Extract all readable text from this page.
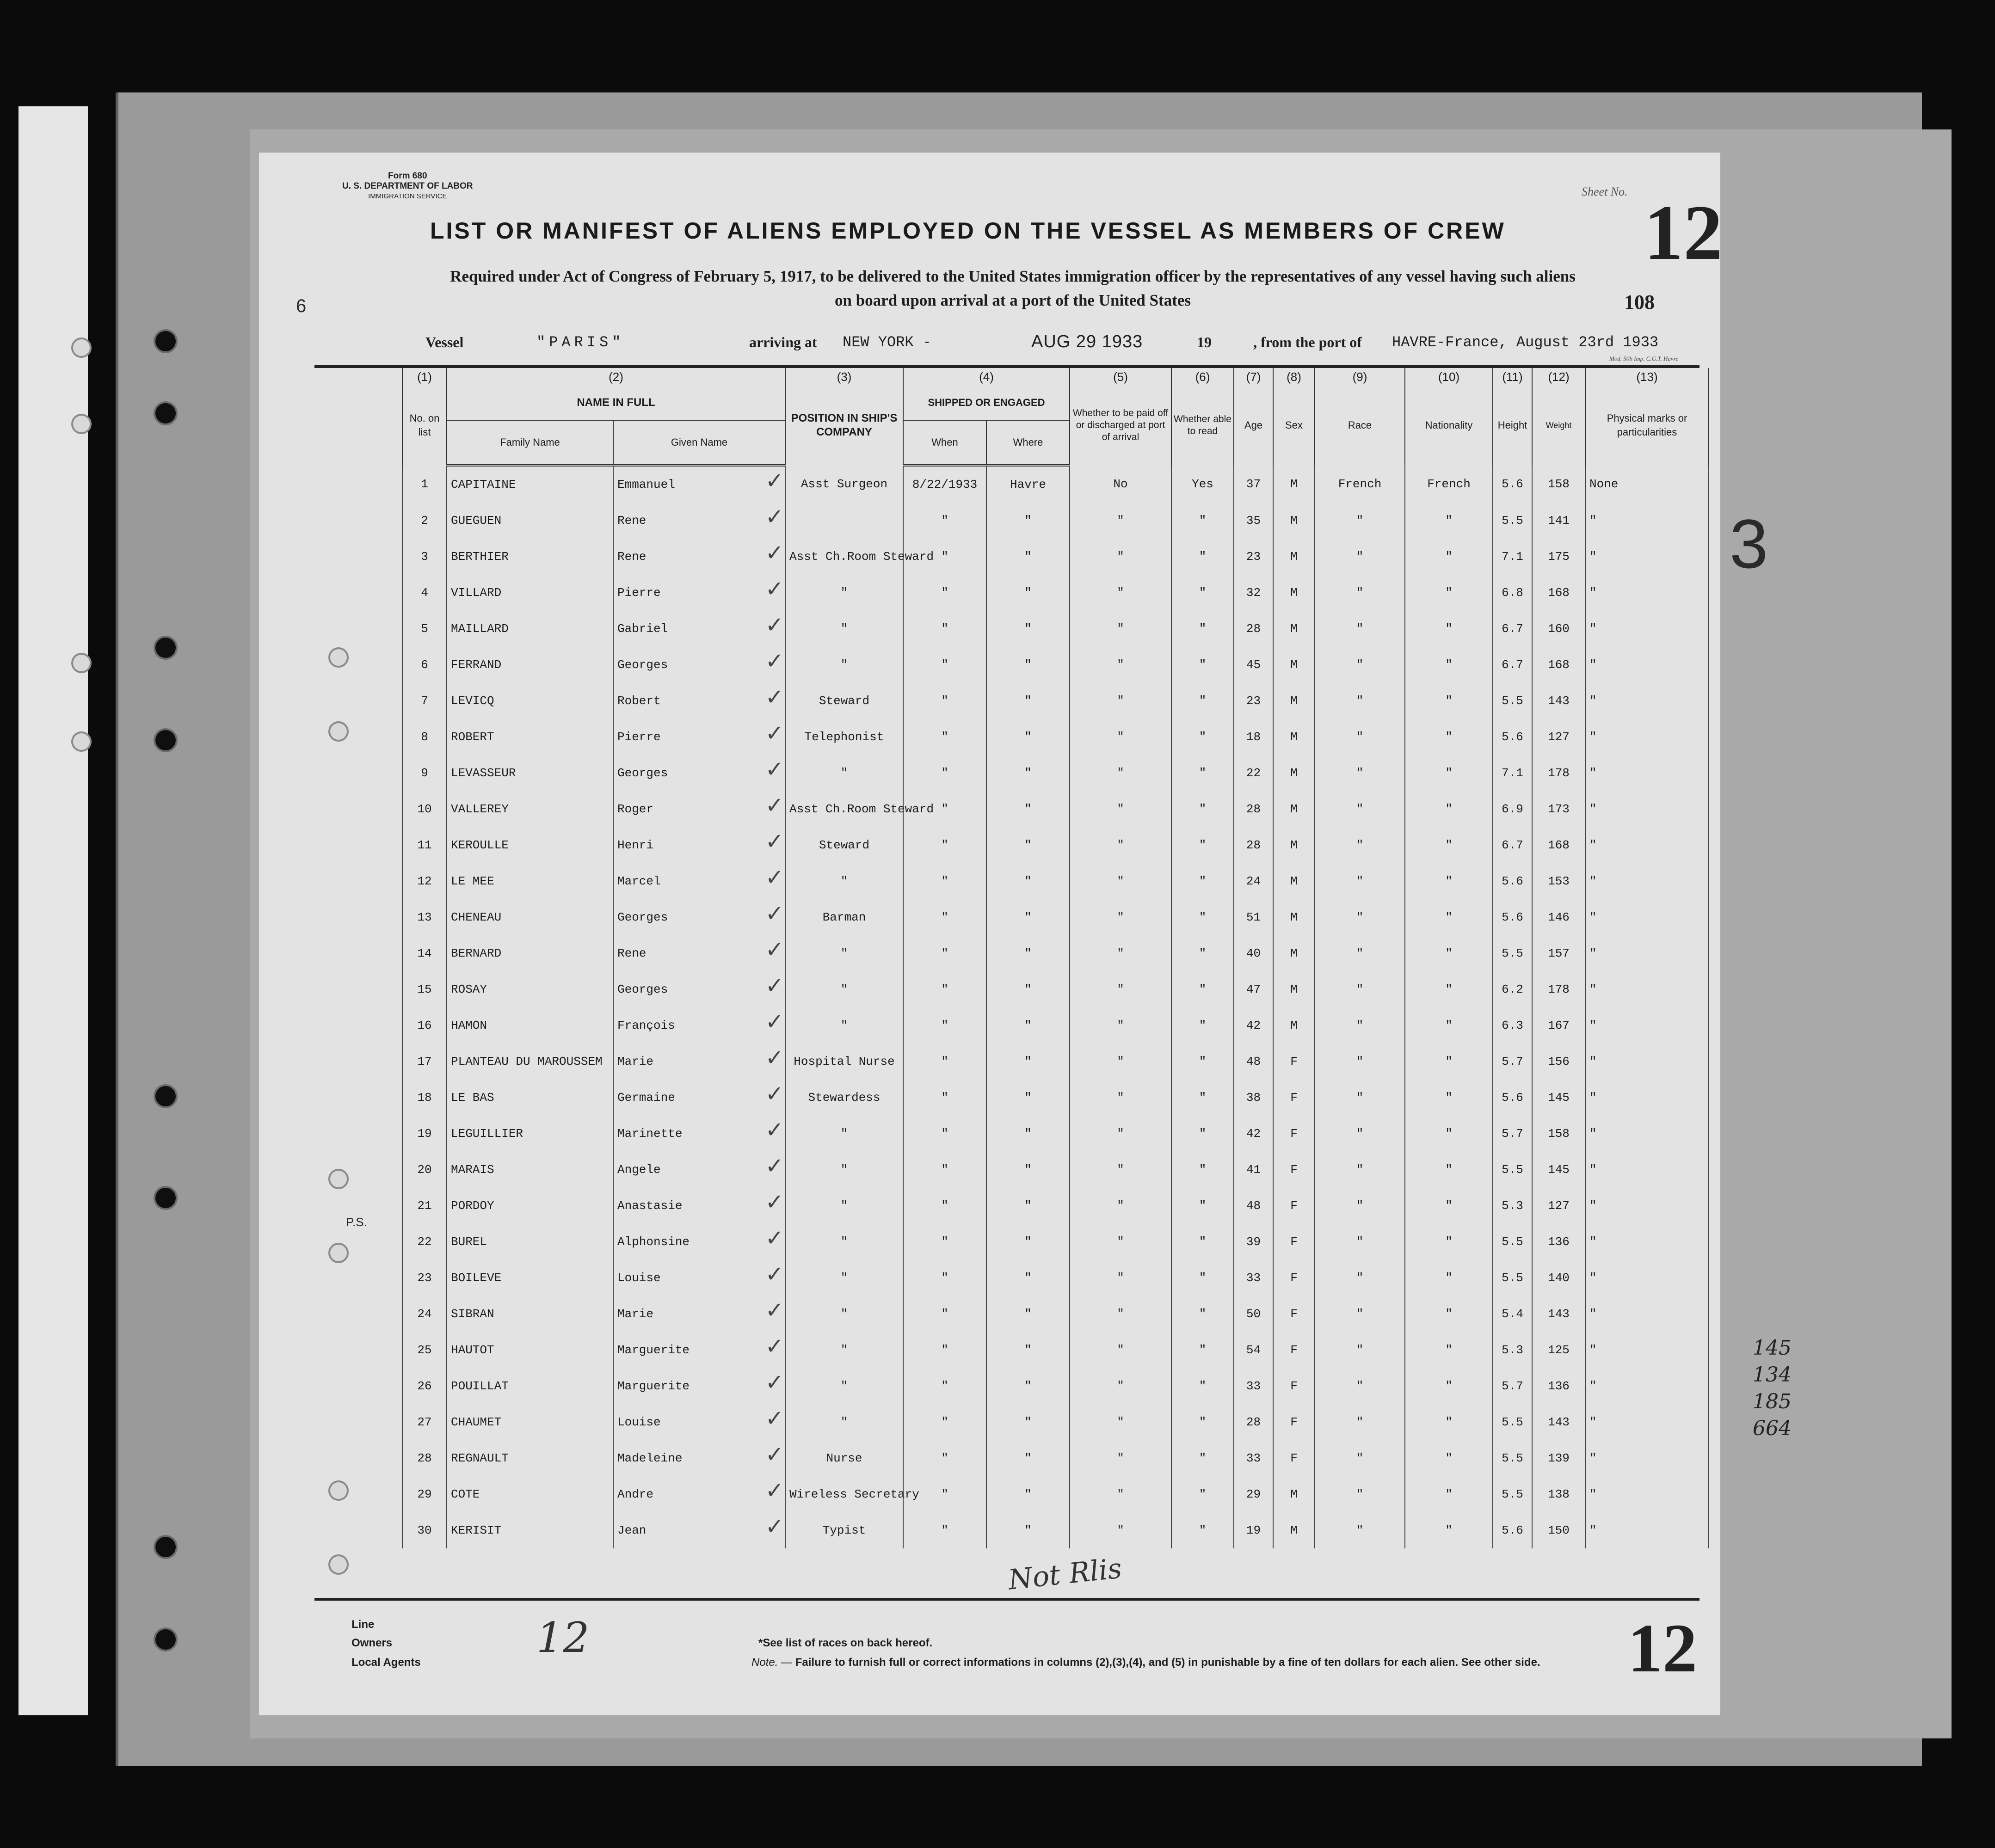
Form 680
U. S. DEPARTMENT OF LABOR
IMMIGRATION SERVICE	Sheet No. 12
6
3
P.S.
LIST OR MANIFEST OF ALIENS EMPLOYED ON THE VESSEL AS MEMBERS OF CREW
Required under Act of Congress of February 5, 1917, to be delivered to the United States immigration officer by the representatives of any vessel having such aliens
on board upon arrival at a port of the United States	108
Vessel	"PARIS"	arriving at NEW YORK -	AUG 29 1933	19	, from the port of HAVRE-France, August 23rd 1933
Mod. 50b Imp. C.G.T. Havre
	(1)	(2)		(3)	(4)		(5)	(6)	(7)	(8)	(9)	(10)	(11)	(12)	(13)
	No. on list	NAME IN FULL		POSITION IN SHIP'S COMPANY	SHIPPED OR ENGAGED		Whether to be paid off or discharged at port of arrival	Whether able to read	Age	Sex	Race	Nationality	Height	Weight	Physical marks or particularities
		Family Name	Given Name		When	Where									
	1	CAPITAINE	Emmanuel ✓	Asst Surgeon	8/22/1933	Havre	No	Yes	37	M	French	French	5.6	158	None
	2	GUEGUEN	Rene ✓		"	"	"	"	35	M	"	"	5.5	141	"
	3	BERTHIER	Rene ✓	Asst Ch.Room Steward	"	"	"	"	23	M	"	"	7.1	175	"
	4	VILLARD	Pierre ✓	"	"	"	"	"	32	M	"	"	6.8	168	"
	5	MAILLARD	Gabriel ✓	"	"	"	"	"	28	M	"	"	6.7	160	"
	6	FERRAND	Georges ✓	"	"	"	"	"	45	M	"	"	6.7	168	"
	7	LEVICQ	Robert ✓	Steward	"	"	"	"	23	M	"	"	5.5	143	"
	8	ROBERT	Pierre ✓	Telephonist	"	"	"	"	18	M	"	"	5.6	127	"
	9	LEVASSEUR	Georges ✓	"	"	"	"	"	22	M	"	"	7.1	178	"
	10	VALLEREY	Roger ✓	Asst Ch.Room Steward	"	"	"	"	28	M	"	"	6.9	173	"
	11	KEROULLE	Henri ✓	Steward	"	"	"	"	28	M	"	"	6.7	168	"
	12	LE MEE	Marcel ✓	"	"	"	"	"	24	M	"	"	5.6	153	"
	13	CHENEAU	Georges ✓	Barman	"	"	"	"	51	M	"	"	5.6	146	"
	14	BERNARD	Rene ✓	"	"	"	"	"	40	M	"	"	5.5	157	"
	15	ROSAY	Georges ✓	"	"	"	"	"	47	M	"	"	6.2	178	"
	16	HAMON	François ✓	"	"	"	"	"	42	M	"	"	6.3	167	"
	17	PLANTEAU DU MAROUSSEM	Marie ✓	Hospital Nurse	"	"	"	"	48	F	"	"	5.7	156	"
	18	LE BAS	Germaine ✓	Stewardess	"	"	"	"	38	F	"	"	5.6	145	"
	19	LEGUILLIER	Marinette ✓	"	"	"	"	"	42	F	"	"	5.7	158	"
	20	MARAIS	Angele ✓	"	"	"	"	"	41	F	"	"	5.5	145	"
	21	PORDOY	Anastasie ✓	"	"	"	"	"	48	F	"	"	5.3	127	"
	22	BUREL	Alphonsine ✓	"	"	"	"	"	39	F	"	"	5.5	136	"
	23	BOILEVE	Louise ✓	"	"	"	"	"	33	F	"	"	5.5	140	"
	24	SIBRAN	Marie ✓	"	"	"	"	"	50	F	"	"	5.4	143	"
	25	HAUTOT	Marguerite ✓	"	"	"	"	"	54	F	"	"	5.3	125	"
	26	POUILLAT	Marguerite ✓	"	"	"	"	"	33	F	"	"	5.7	136	"
	27	CHAUMET	Louise ✓	"	"	"	"	"	28	F	"	"	5.5	143	"
	28	REGNAULT	Madeleine ✓	Nurse	"	"	"	"	33	F	"	"	5.5	139	"
	29	COTE	Andre ✓	Wireless Secretary	"	"	"	"	29	M	"	"	5.5	138	"
	30	KERISIT	Jean ✓	Typist	"	"	"	"	19	M	"	"	5.6	150	"
12
Not Rlis
12
145
134
185
664
Line
Owners
Local Agents
*See list of races on back hereof.
Note. — Failure to furnish full or correct informations in columns (2),(3),(4), and (5) in punishable by a fine of ten dollars for each alien. See other side.
